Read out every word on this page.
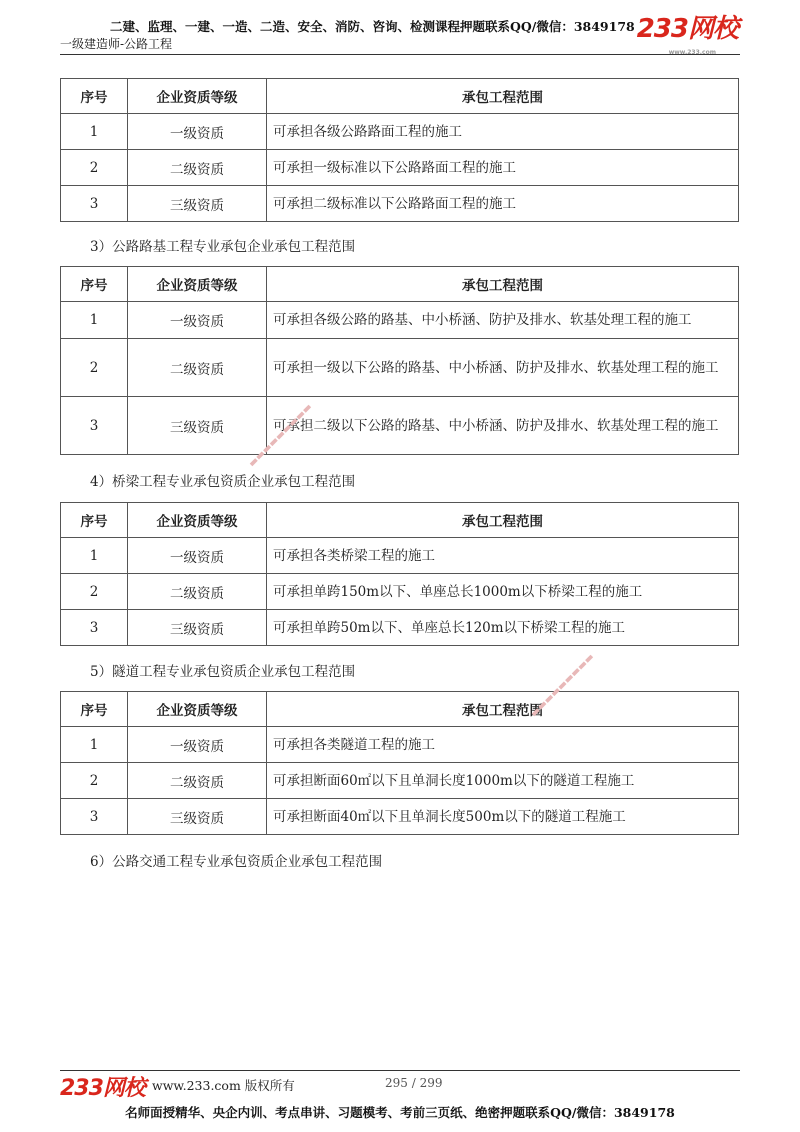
二建、监理、一建、一造、二造、安全、消防、咨询、检测课程押题联系QQ/微信：3849178
一级建造师-公路工程	233网校
www.233.com
序号	企业资质等级	承包工程范围
1	一级资质	可承担各级公路路面工程的施工
2	二级资质	可承担一级标准以下公路路面工程的施工
3	三级资质	可承担二级标准以下公路路面工程的施工
3）公路路基工程专业承包企业承包工程范围
序号	企业资质等级	承包工程范围
1	一级资质	可承担各级公路的路基、中小桥涵、防护及排水、软基处理工程的施工
2	二级资质	可承担一级以下公路的路基、中小桥涵、防护及排水、软基处理工程的施工
3	三级资质	可承担二级以下公路的路基、中小桥涵、防护及排水、软基处理工程的施工
4）桥梁工程专业承包资质企业承包工程范围
序号	企业资质等级	承包工程范围
1	一级资质	可承担各类桥梁工程的施工
2	二级资质	可承担单跨150m以下、单座总长1000m以下桥梁工程的施工
3	三级资质	可承担单跨50m以下、单座总长120m以下桥梁工程的施工
5）隧道工程专业承包资质企业承包工程范围
序号	企业资质等级	承包工程范围
1	一级资质	可承担各类隧道工程的施工
2	二级资质	可承担断面60㎡以下且单洞长度1000m以下的隧道工程施工
3	三级资质	可承担断面40㎡以下且单洞长度500m以下的隧道工程施工
6）公路交通工程专业承包资质企业承包工程范围
▬▬▬▬▬▬▬▬▬
▬▬▬▬▬▬▬▬▬
233网校 www.233.com 版权所有	295 / 299
名师面授精华、央企内训、考点串讲、习题模考、考前三页纸、绝密押题联系QQ/微信：3849178
